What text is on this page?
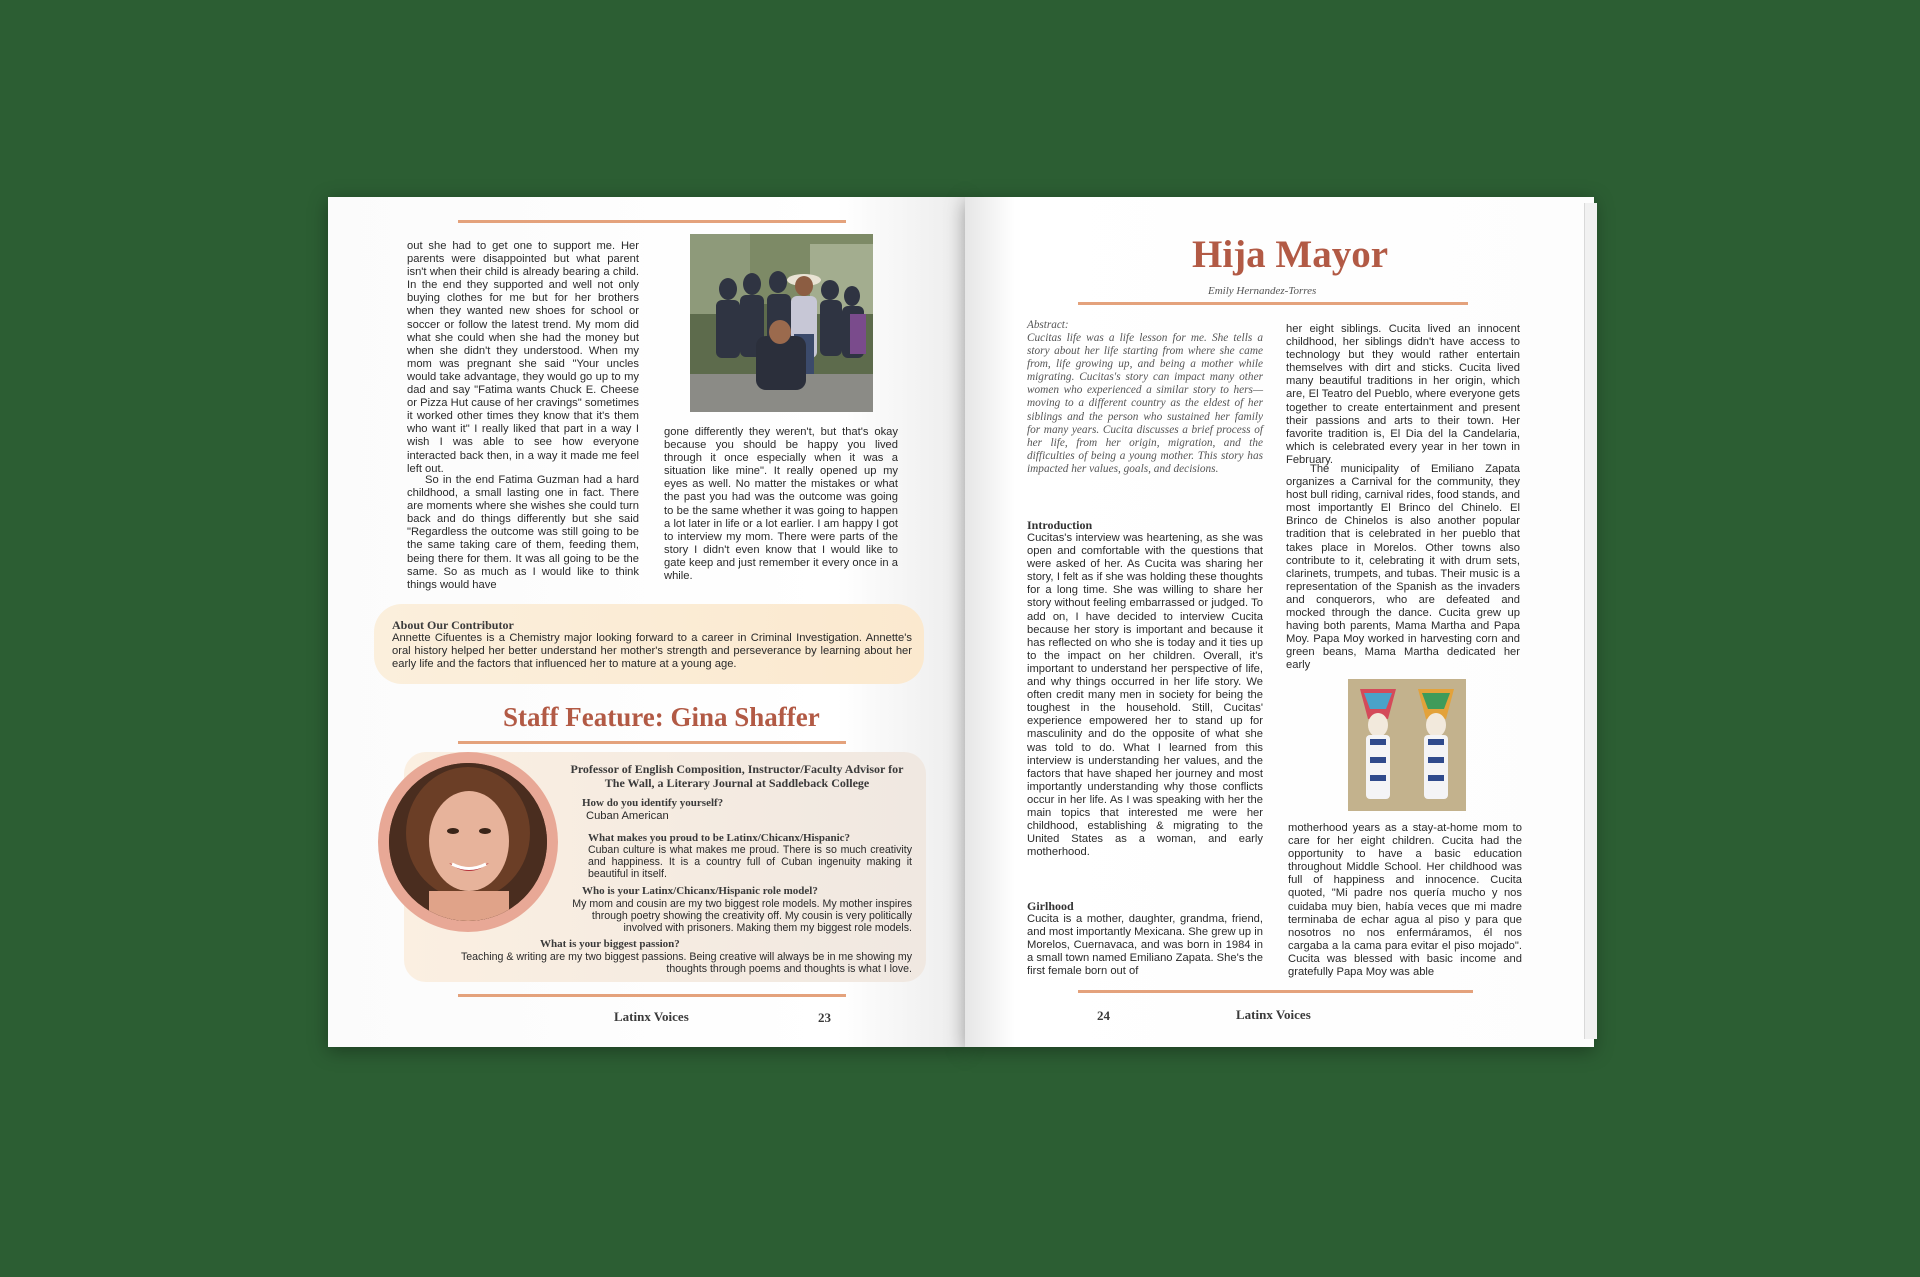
out she had to get one to support me. Her parents were disappointed but what parent isn't when their child is already bearing a child. In the end they supported and well not only buying clothes for me but for her brothers when they wanted new shoes for school or soccer or follow the latest trend. My mom did what she could when she had the money but when she didn't they understood. When my mom was pregnant she said "Your uncles would take advantage, they would go up to my dad and say "Fatima wants Chuck E. Cheese or Pizza Hut cause of her cravings" sometimes it worked other times they know that it's them who want it" I really liked that part in a way I wish I was able to see how everyone interacted back then, in a way it made me feel left out.

So in the end Fatima Guzman had a hard childhood, a small lasting one in fact. There are moments where she wishes she could turn back and do things differently but she said "Regardless the outcome was still going to be the same taking care of them, feeding them, being there for them. It was all going to be the same. So as much as I would like to think things would have

gone differently they weren't, but that's okay because you should be happy you lived through it once especially when it was a situation like mine". It really opened up my eyes as well. No matter the mistakes or what the past you had was the outcome was going to be the same whether it was going to happen a lot later in life or a lot earlier. I am happy I got to interview my mom. There were parts of the story I didn't even know that I would like to gate keep and just remember it every once in a while.

About Our Contributor

Annette Cifuentes is a Chemistry major looking forward to a career in Criminal Investigation. Annette's oral history helped her better understand her mother's strength and perseverance by learning about her early life and the factors that influenced her to mature at a young age.

Staff Feature: Gina Shaffer

Professor of English Composition, Instructor/Faculty Advisor for The Wall, a Literary Journal at Saddleback College

How do you identify yourself?

Cuban American

What makes you proud to be Latinx/Chicanx/Hispanic?

Cuban culture is what makes me proud. There is so much creativity and happiness. It is a country full of Cuban ingenuity making it beautiful in itself.

Who is your Latinx/Chicanx/Hispanic role model?

My mom and cousin are my two biggest role models. My mother inspires through poetry showing the creativity off. My cousin is very politically involved with prisoners. Making them my biggest role models.

What is your biggest passion?

Teaching & writing are my two biggest passions. Being creative will always be in me showing my thoughts through poems and thoughts is what I love.

Latinx Voices	23

Hija Mayor

Emily Hernandez-Torres

Abstract:

Cucitas life was a life lesson for me. She tells a story about her life starting from where she came from, life growing up, and being a mother while migrating. Cucitas's story can impact many other women who experienced a similar story to hers—moving to a different country as the eldest of her siblings and the person who sustained her family for many years. Cucita discusses a brief process of her life, from her origin, migration, and the difficulties of being a young mother. This story has impacted her values, goals, and decisions.

Introduction

Cucitas's interview was heartening, as she was open and comfortable with the questions that were asked of her. As Cucita was sharing her story, I felt as if she was holding these thoughts for a long time. She was willing to share her story without feeling embarrassed or judged. To add on, I have decided to interview Cucita because her story is important and because it has reflected on who she is today and it ties up to the impact on her children. Overall, it's important to understand her perspective of life, and why things occurred in her life story. We often credit many men in society for being the toughest in the household. Still, Cucitas' experience empowered her to stand up for masculinity and do the opposite of what she was told to do. What I learned from this interview is understanding her values, and the factors that have shaped her journey and most importantly understanding why those conflicts occur in her life. As I was speaking with her the main topics that interested me were her childhood, establishing & migrating to the United States as a woman, and early motherhood.

Girlhood

Cucita is a mother, daughter, grandma, friend, and most importantly Mexicana. She grew up in Morelos, Cuernavaca, and was born in 1984 in a small town named Emiliano Zapata. She's the first female born out of

her eight siblings. Cucita lived an innocent childhood, her siblings didn't have access to technology but they would rather entertain themselves with dirt and sticks. Cucita lived many beautiful traditions in her origin, which are, El Teatro del Pueblo, where everyone gets together to create entertainment and present their passions and arts to their town. Her favorite tradition is, El Dia del la Candelaria, which is celebrated every year in her town in February.

The municipality of Emiliano Zapata organizes a Carnival for the community, they host bull riding, carnival rides, food stands, and most importantly El Brinco del Chinelo. El Brinco de Chinelos is also another popular tradition that is celebrated in her pueblo that takes place in Morelos. Other towns also contribute to it, celebrating it with drum sets, clarinets, trumpets, and tubas. Their music is a representation of the Spanish as the invaders and conquerors, who are defeated and mocked through the dance. Cucita grew up having both parents, Mama Martha and Papa Moy. Papa Moy worked in harvesting corn and green beans, Mama Martha dedicated her early

motherhood years as a stay-at-home mom to care for her eight children. Cucita had the opportunity to have a basic education throughout Middle School. Her childhood was full of happiness and innocence. Cucita quoted, "Mi padre nos quería mucho y nos cuidaba muy bien, había veces que mi madre terminaba de echar agua al piso y para que nosotros no nos enfermáramos, él nos cargaba a la cama para evitar el piso mojado". Cucita was blessed with basic income and gratefully Papa Moy was able

24	Latinx Voices
